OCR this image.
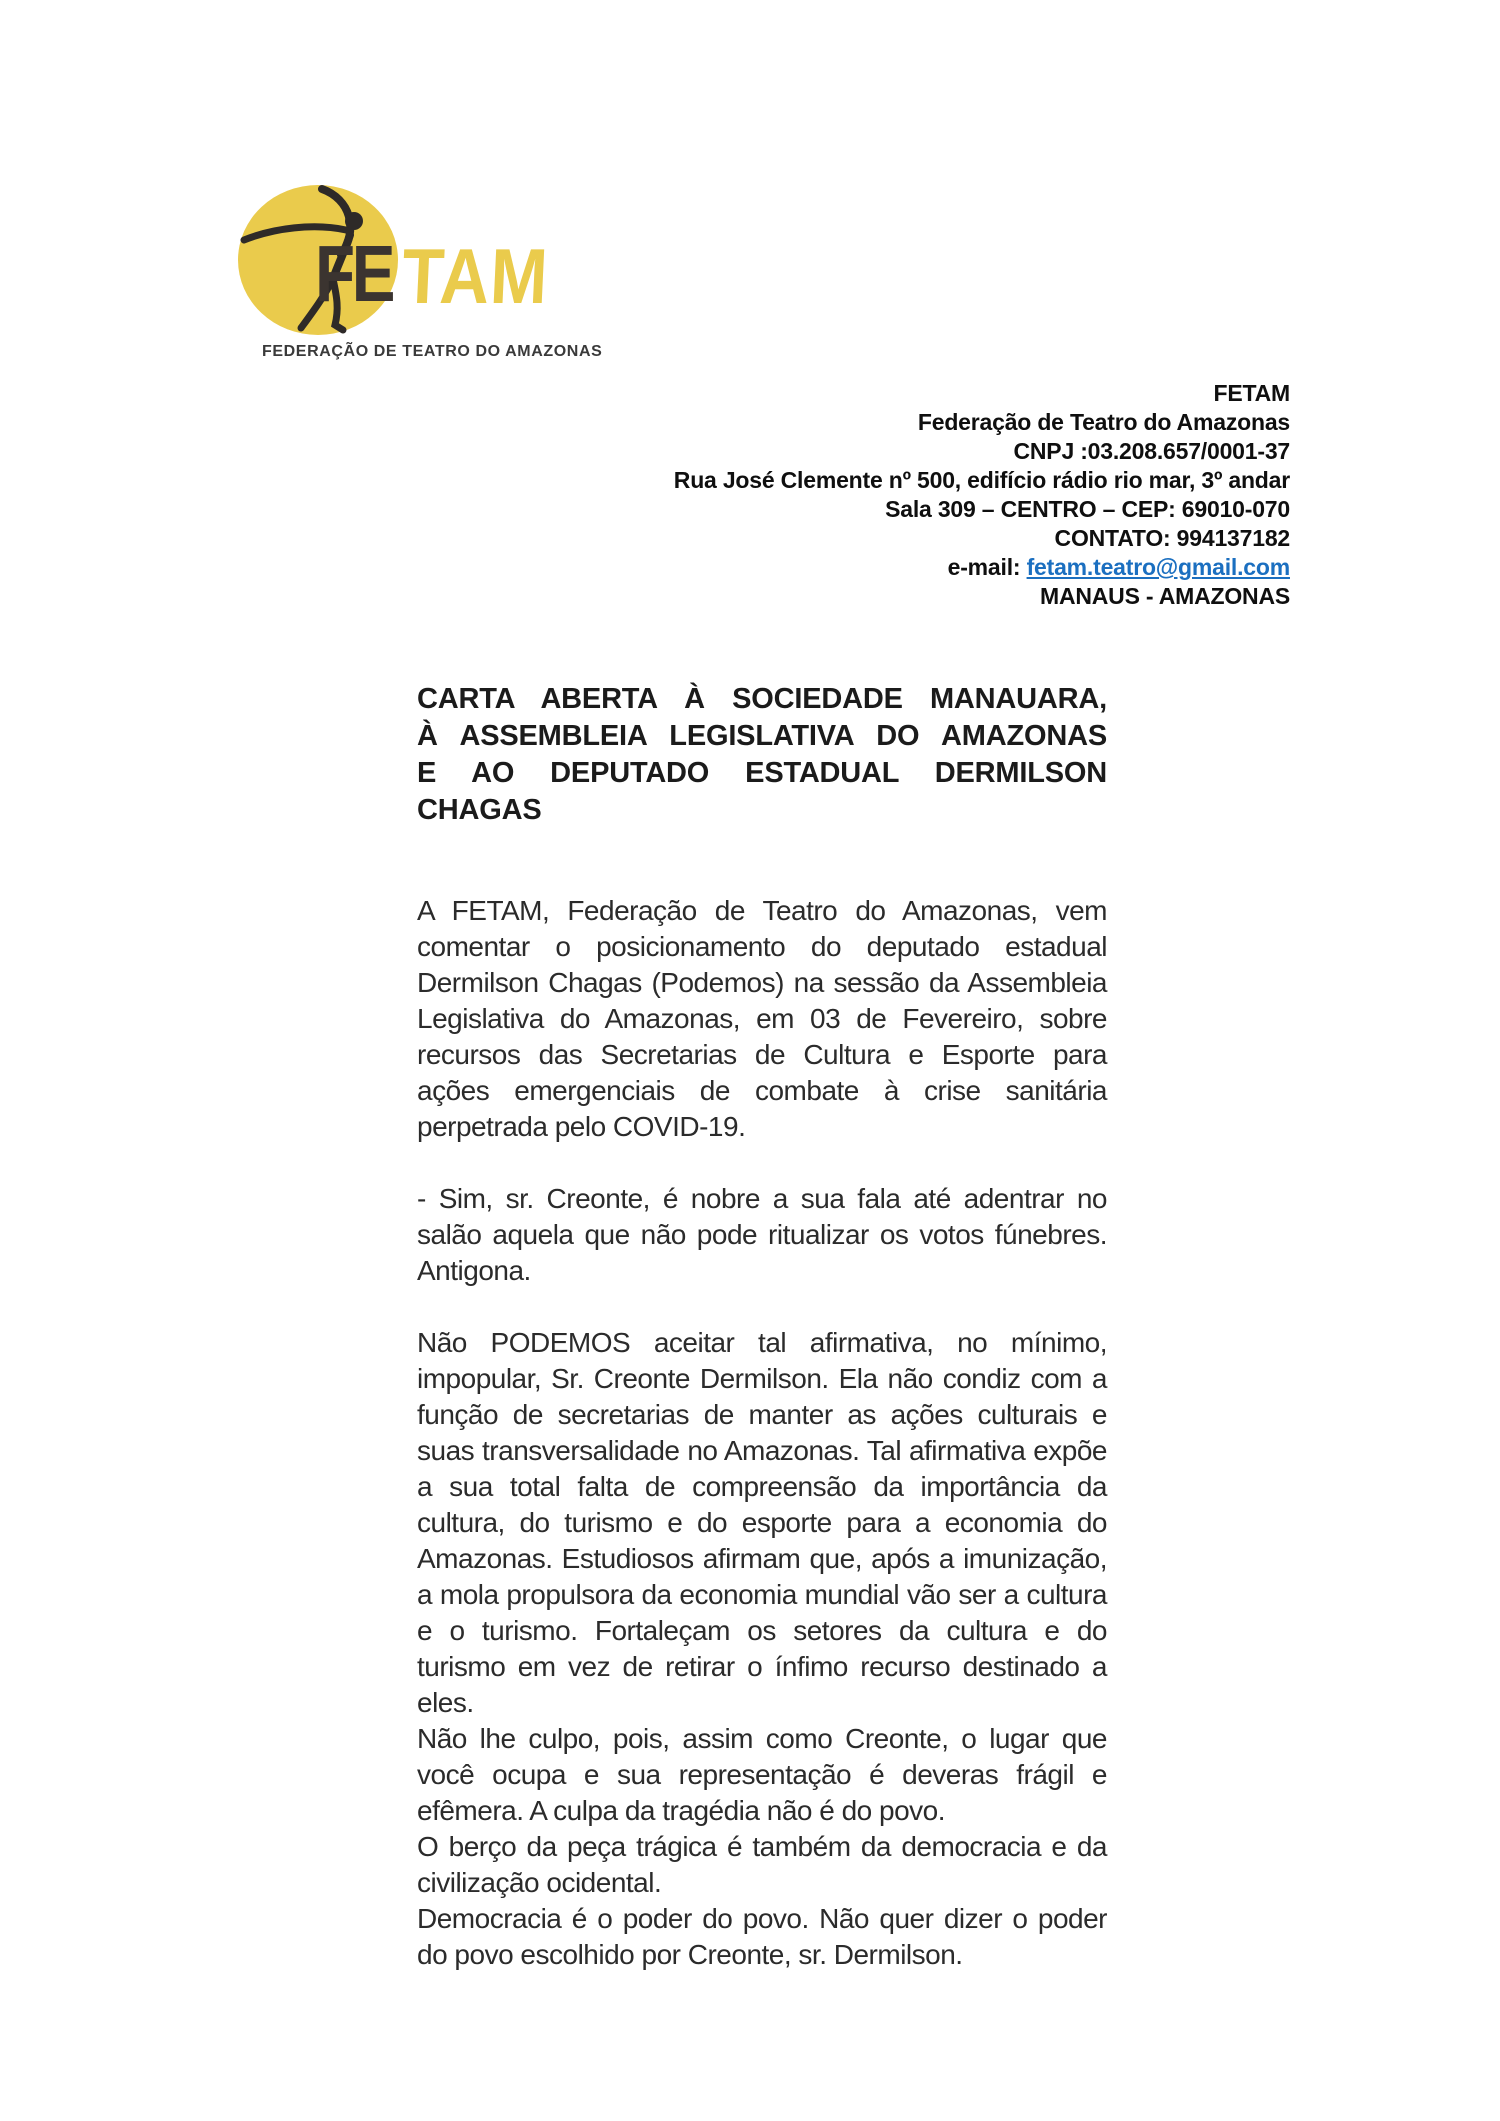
FE TAM
FEDERAÇÃO DE TEATRO DO AMAZONAS
FETAM
Federação de Teatro do Amazonas
CNPJ :03.208.657/0001-37
Rua José Clemente nº 500, edifício rádio rio mar, 3º andar
Sala 309 – CENTRO – CEP: 69010-070
CONTATO: 994137182
e-mail: fetam.teatro@gmail.com
MANAUS - AMAZONAS
CARTA ABERTA À SOCIEDADE MANAUARA,
À ASSEMBLEIA LEGISLATIVA DO AMAZONAS
E AO DEPUTADO ESTADUAL DERMILSON
CHAGAS

A FETAM, Federação de Teatro do Amazonas, vem comentar o posicionamento do deputado estadual Dermilson Chagas (Podemos) na sessão da Assembleia Legislativa do Amazonas, em 03 de Fevereiro, sobre recursos das Secretarias de Cultura e Esporte para ações emergenciais de combate à crise sanitária perpetrada pelo COVID-19.

- Sim, sr. Creonte, é nobre a sua fala até adentrar no salão aquela que não pode ritualizar os votos fúnebres. Antigona.

Não PODEMOS aceitar tal afirmativa, no mínimo, impopular, Sr. Creonte Dermilson. Ela não condiz com a função de secretarias de manter as ações culturais e suas transversalidade no Amazonas. Tal afirmativa expõe a sua total falta de compreensão da importância da cultura, do turismo e do esporte para a economia do Amazonas. Estudiosos afirmam que, após a imunização, a mola propulsora da economia mundial vão ser a cultura e o turismo. Fortaleçam os setores da cultura e do turismo em vez de retirar o ínfimo recurso destinado a eles.

Não lhe culpo, pois, assim como Creonte, o lugar que você ocupa e sua representação é deveras frágil e efêmera. A culpa da tragédia não é do povo.

O berço da peça trágica é também da democracia e da civilização ocidental.

Democracia é o poder do povo. Não quer dizer o poder do povo escolhido por Creonte, sr. Dermilson.
